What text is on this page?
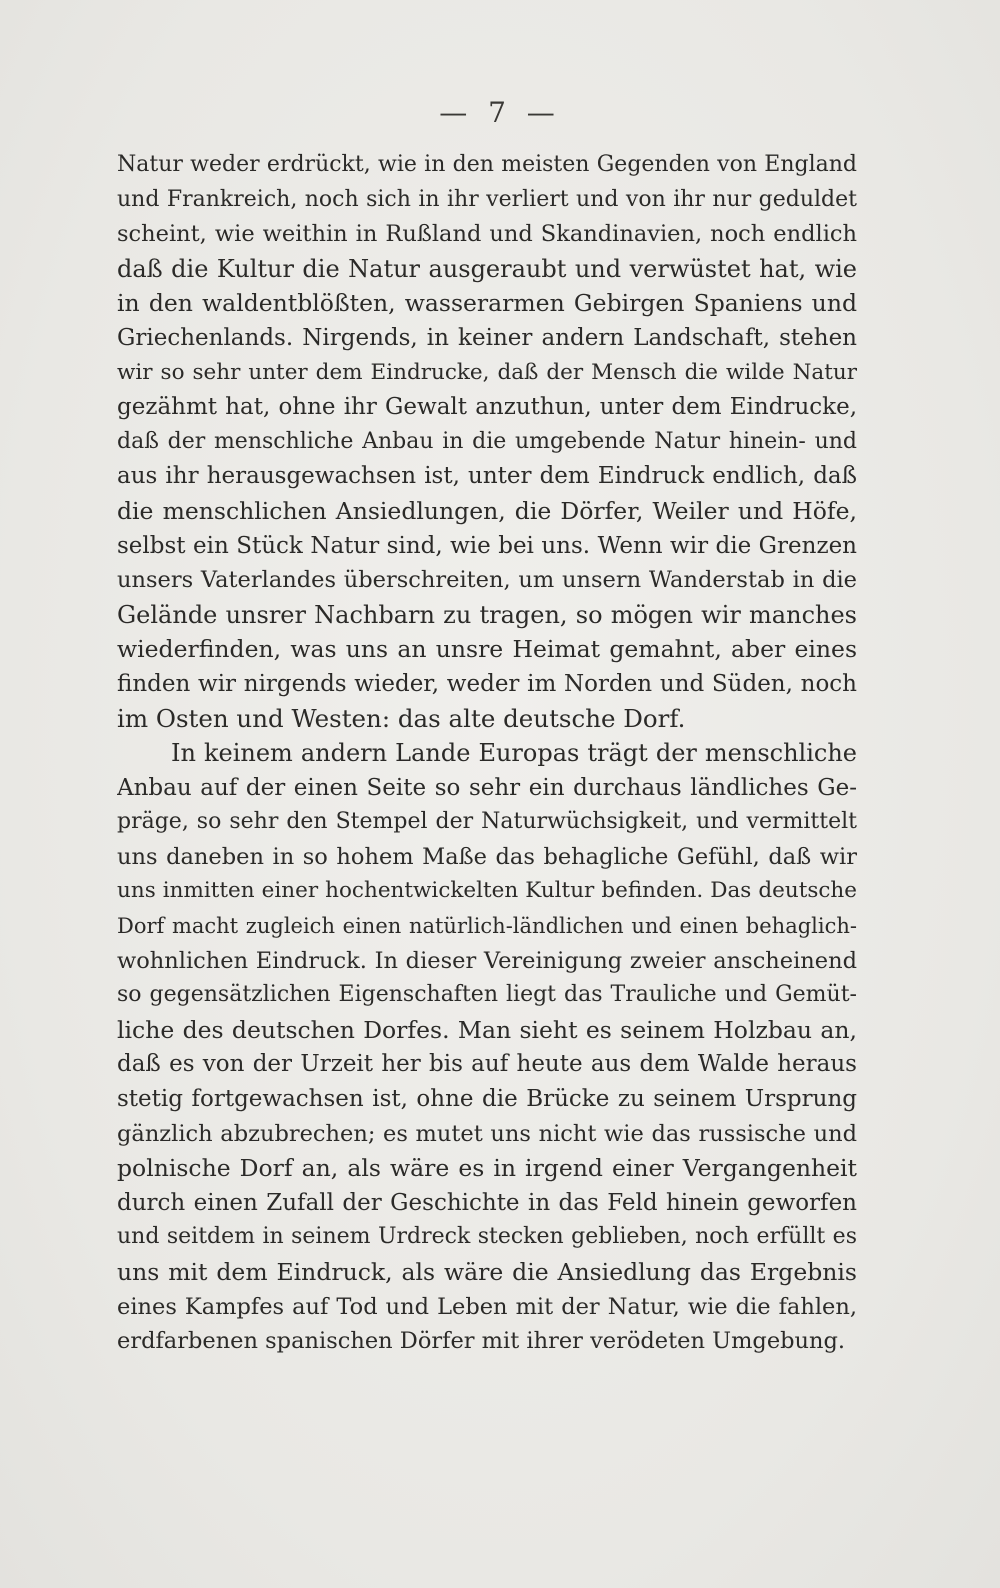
— 7 —
Natur weder erdrückt, wie in den meisten Gegenden von England
und Frankreich, noch sich in ihr verliert und von ihr nur geduldet
scheint, wie weithin in Rußland und Skandinavien, noch endlich
daß die Kultur die Natur ausgeraubt und verwüstet hat, wie
in den waldentblößten, wasserarmen Gebirgen Spaniens und
Griechenlands. Nirgends, in keiner andern Landschaft, stehen
wir so sehr unter dem Eindrucke, daß der Mensch die wilde Natur
gezähmt hat, ohne ihr Gewalt anzuthun, unter dem Eindrucke,
daß der menschliche Anbau in die umgebende Natur hinein- und
aus ihr herausgewachsen ist, unter dem Eindruck endlich, daß
die menschlichen Ansiedlungen, die Dörfer, Weiler und Höfe,
selbst ein Stück Natur sind, wie bei uns. Wenn wir die Grenzen
unsers Vaterlandes überschreiten, um unsern Wanderstab in die
Gelände unsrer Nachbarn zu tragen, so mögen wir manches
wiederfinden, was uns an unsre Heimat gemahnt, aber eines
finden wir nirgends wieder, weder im Norden und Süden, noch
im Osten und Westen: das alte deutsche Dorf.
In keinem andern Lande Europas trägt der menschliche
Anbau auf der einen Seite so sehr ein durchaus ländliches Ge-
präge, so sehr den Stempel der Naturwüchsigkeit, und vermittelt
uns daneben in so hohem Maße das behagliche Gefühl, daß wir
uns inmitten einer hochentwickelten Kultur befinden. Das deutsche
Dorf macht zugleich einen natürlich-ländlichen und einen behaglich-
wohnlichen Eindruck. In dieser Vereinigung zweier anscheinend
so gegensätzlichen Eigenschaften liegt das Trauliche und Gemüt-
liche des deutschen Dorfes. Man sieht es seinem Holzbau an,
daß es von der Urzeit her bis auf heute aus dem Walde heraus
stetig fortgewachsen ist, ohne die Brücke zu seinem Ursprung
gänzlich abzubrechen; es mutet uns nicht wie das russische und
polnische Dorf an, als wäre es in irgend einer Vergangenheit
durch einen Zufall der Geschichte in das Feld hinein geworfen
und seitdem in seinem Urdreck stecken geblieben, noch erfüllt es
uns mit dem Eindruck, als wäre die Ansiedlung das Ergebnis
eines Kampfes auf Tod und Leben mit der Natur, wie die fahlen,
erdfarbenen spanischen Dörfer mit ihrer verödeten Umgebung.
